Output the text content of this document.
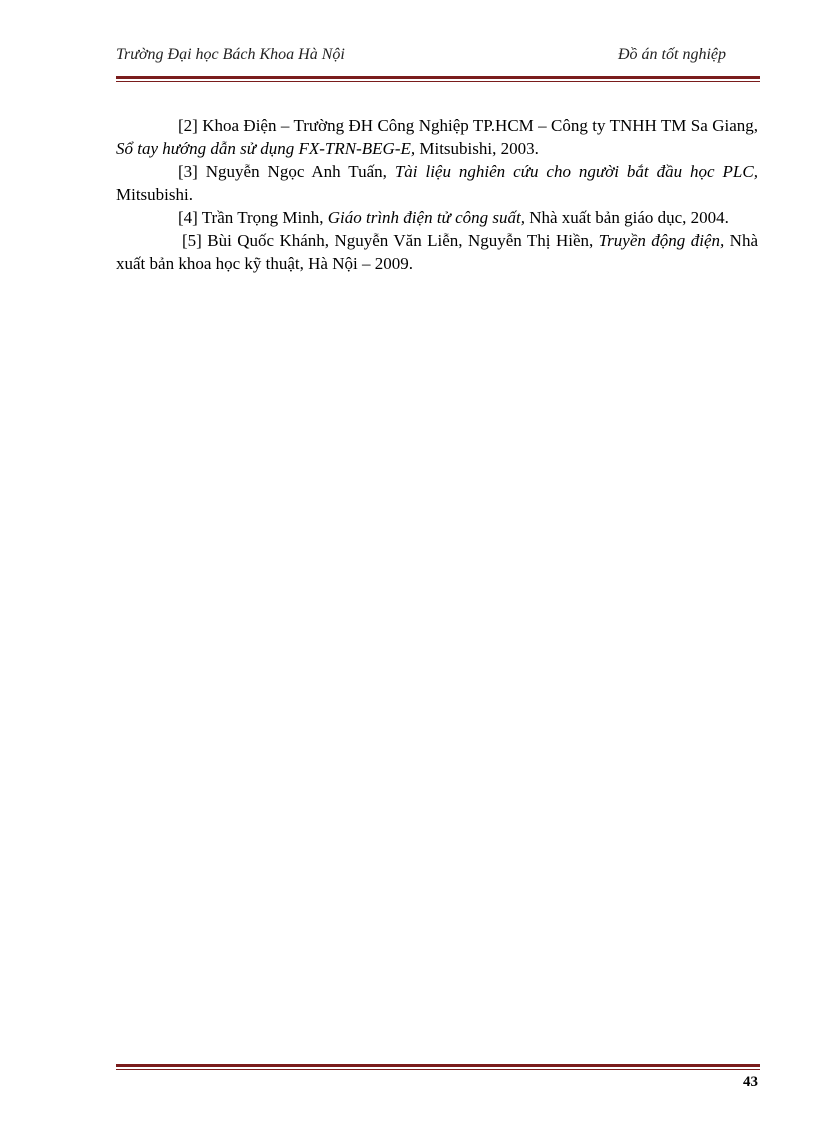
Trường Đại học Bách Khoa Hà Nội	Đồ án tốt nghiệp

[2] Khoa Điện – Trường ĐH Công Nghiệp TP.HCM – Công ty TNHH TM Sa Giang, Sổ tay hướng dẫn sử dụng FX-TRN-BEG-E, Mitsubishi, 2003.

[3] Nguyễn Ngọc Anh Tuấn, Tài liệu nghiên cứu cho người bắt đầu học PLC, Mitsubishi.

[4] Trần Trọng Minh, Giáo trình điện tử công suất, Nhà xuất bản giáo dục, 2004.

[5] Bùi Quốc Khánh, Nguyễn Văn Liễn, Nguyễn Thị Hiền, Truyền động điện, Nhà xuất bản khoa học kỹ thuật, Hà Nội – 2009.

43
